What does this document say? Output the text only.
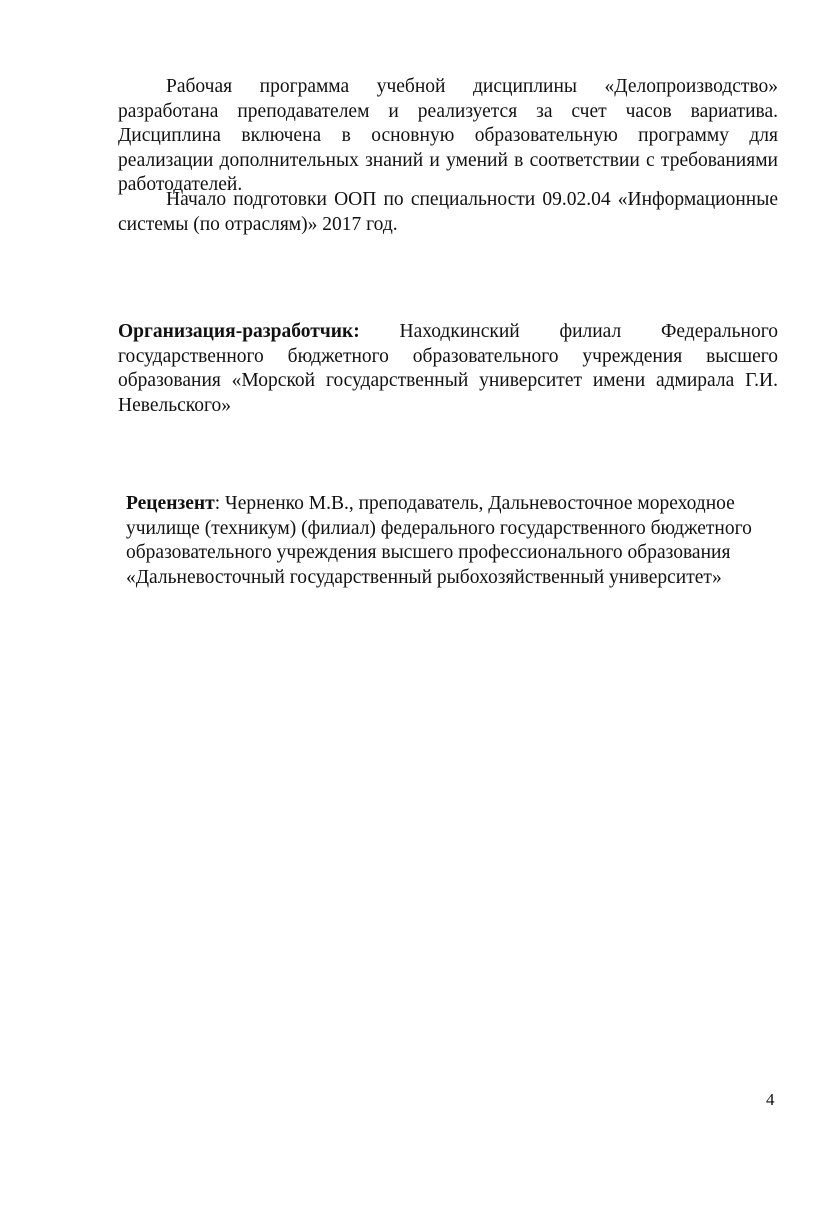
Рабочая программа учебной дисциплины «Делопроизводство» разработана преподавателем и реализуется за счет часов вариатива. Дисциплина включена в основную образовательную программу для реализации дополнительных знаний и умений в соответствии с требованиями работодателей.

Начало подготовки ООП по специальности 09.02.04 «Информационные системы (по отраслям)» 2017 год.

Организация-разработчик: Находкинский филиал Федерального государственного бюджетного образовательного учреждения высшего образования «Морской государственный университет имени адмирала Г.И. Невельского»

Рецензент: Черненко М.В., преподаватель, Дальневосточное мореходное училище (техникум) (филиал) федерального государственного бюджетного образовательного учреждения высшего профессионального образования «Дальневосточный государственный рыбохозяйственный университет»

4
